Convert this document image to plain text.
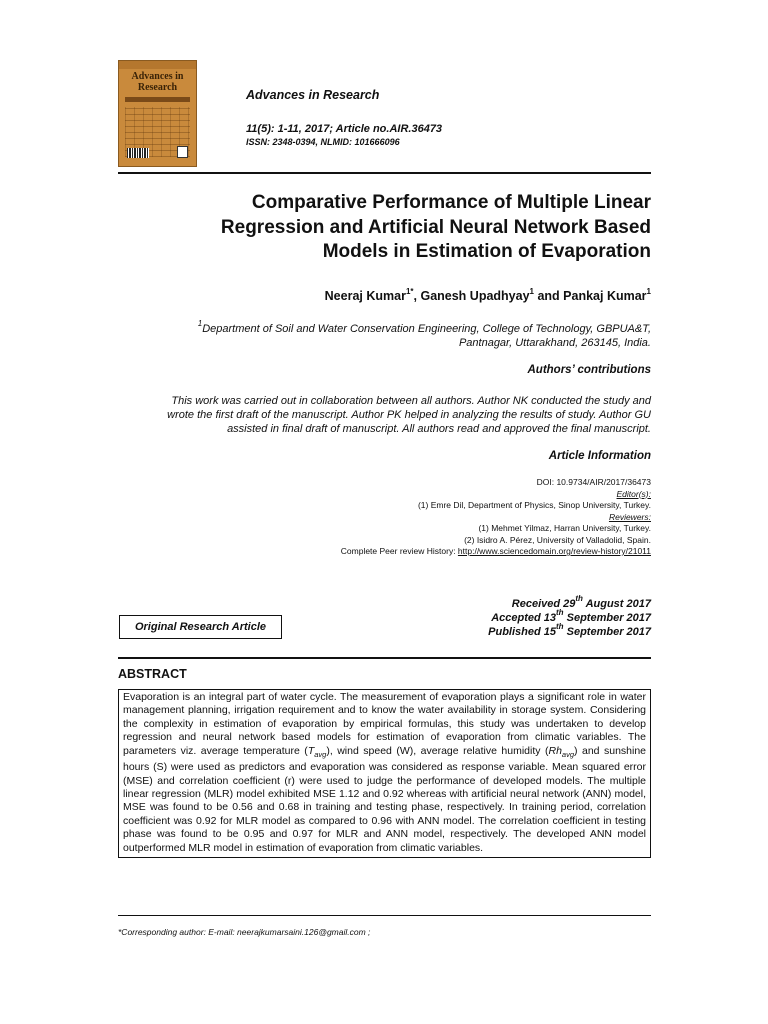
Advances in
Research
Advances in Research
11(5): 1-11, 2017; Article no.AIR.36473
ISSN: 2348-0394, NLMID: 101666096
Comparative Performance of Multiple Linear
Regression and Artificial Neural Network Based
Models in Estimation of Evaporation
Neeraj Kumar$^{1*}$, Ganesh Upadhyay$^1$ and Pankaj Kumar$^1$
$^1$Department of Soil and Water Conservation Engineering, College of Technology, GBPUA&T,
Pantnagar, Uttarakhand, 263145, India.
Authors’ contributions
This work was carried out in collaboration between all authors. Author NK conducted the study and
wrote the first draft of the manuscript. Author PK helped in analyzing the results of study. Author GU
assisted in final draft of manuscript. All authors read and approved the final manuscript.
Article Information
DOI: 10.9734/AIR/2017/36473
Editor(s):
(1) Emre Dil, Department of Physics, Sinop University, Turkey.
Reviewers:
(1) Mehmet Yilmaz, Harran University, Turkey.
(2) Isidro A. Pérez, University of Valladolid, Spain.
Complete Peer review History: http://www.sciencedomain.org/review-history/21011
Received 29th August 2017
Accepted 13th September 2017
Published 15th September 2017
Original Research Article
ABSTRACT
Evaporation is an integral part of water cycle. The measurement of evaporation plays a significant role in water management planning, irrigation requirement and to know the water availability in storage system. Considering the complexity in estimation of evaporation by empirical formulas, this study was undertaken to develop regression and neural network based models for estimation of evaporation from climatic variables. The parameters viz. average temperature $(T_{avg})$, wind speed (W), average relative humidity $(Rh_{avg})$ and sunshine hours (S) were used as predictors and evaporation was considered as response variable. Mean squared error (MSE) and correlation coefficient (r) were used to judge the performance of developed models. The multiple linear regression (MLR) model exhibited MSE 1.12 and 0.92 whereas with artificial neural network (ANN) model, MSE was found to be 0.56 and 0.68 in training and testing phase, respectively. In training period, correlation coefficient was 0.92 for MLR model as compared to 0.96 with ANN model. The correlation coefficient in testing phase was found to be 0.95 and 0.97 for MLR and ANN model, respectively. The developed ANN model outperformed MLR model in estimation of evaporation from climatic variables.
*Corresponding author: E-mail: neerajkumarsaini.126@gmail.com ;
